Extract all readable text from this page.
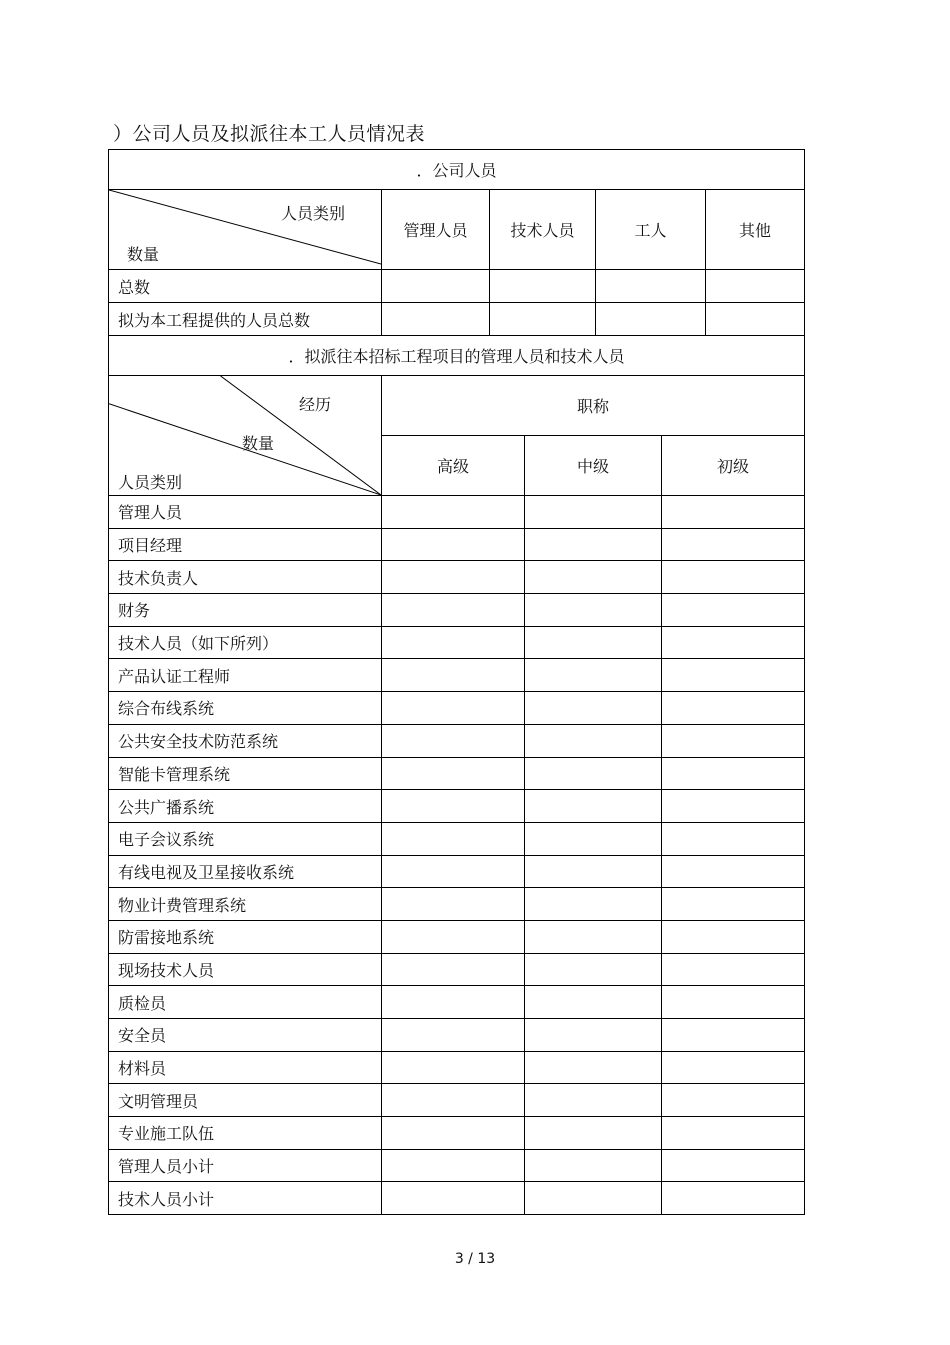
）公司人员及拟派往本工人员情况表
．公司人员						

人员类别
数量	管理人员	技术人员		工人		其他
总数						
拟为本工程提供的人员总数						
．拟派往本招标工程项目的管理人员和技术人员						

经历
数量
人员类别	职称					
	高级		中级		初级	
管理人员						
项目经理						
技术负责人						
财务						
技术人员（如下所列）						
产品认证工程师						
综合布线系统						
公共安全技术防范系统						
智能卡管理系统						
公共广播系统						
电子会议系统						
有线电视及卫星接收系统						
物业计费管理系统						
防雷接地系统						
现场技术人员						
质检员						
安全员						
材料员						
文明管理员						
专业施工队伍						
管理人员小计						
技术人员小计						
3 / 13
